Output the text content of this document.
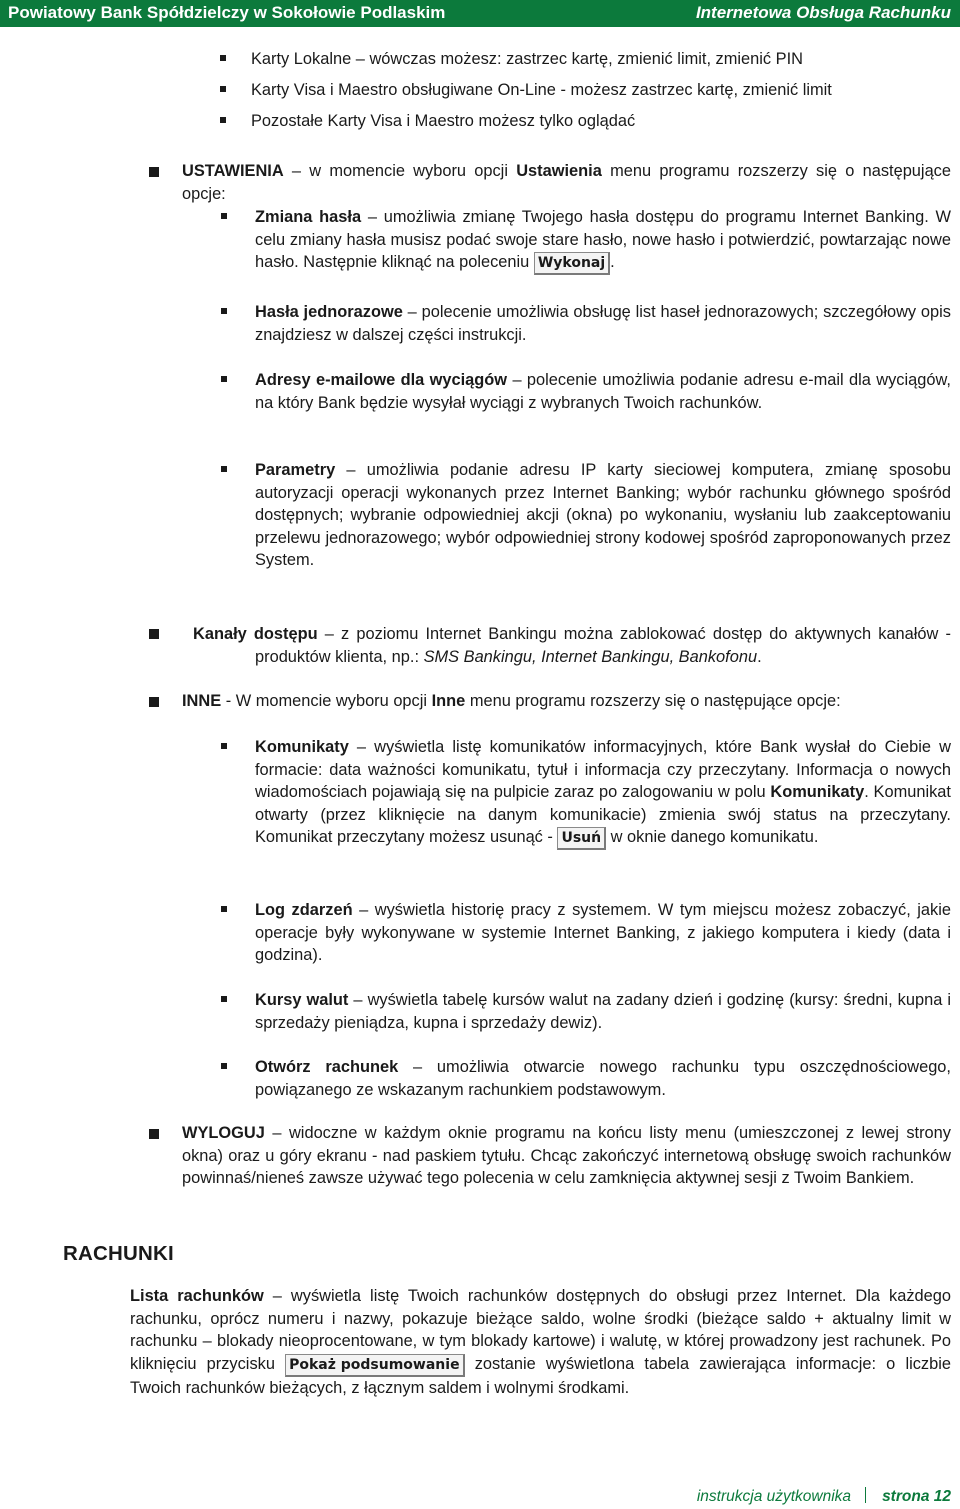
Powiatowy Bank Spółdzielczy w Sokołowie Podlaskim	Internetowa Obsługa Rachunku
Karty Lokalne – wówczas możesz: zastrzec kartę, zmienić limit, zmienić PIN
Karty Visa i Maestro obsługiwane On-Line - możesz zastrzec kartę, zmienić limit
Pozostałe Karty Visa i Maestro możesz tylko oglądać
USTAWIENIA – w momencie wyboru opcji Ustawienia menu programu rozszerzy się o następujące opcje:
Zmiana hasła – umożliwia zmianę Twojego hasła dostępu do programu Internet Banking. W celu zmiany hasła musisz podać swoje stare hasło, nowe hasło i potwierdzić, powtarzając nowe hasło. Następnie kliknąć na poleceniu Wykonaj .
Hasła jednorazowe – polecenie umożliwia obsługę list haseł jednorazowych; szczegółowy opis znajdziesz w dalszej części instrukcji.
Adresy e-mailowe dla wyciągów – polecenie umożliwia podanie adresu e-mail dla wyciągów, na który Bank będzie wysyłał wyciągi z wybranych Twoich rachunków.
Parametry – umożliwia podanie adresu IP karty sieciowej komputera, zmianę sposobu autoryzacji operacji wykonanych przez Internet Banking; wybór rachunku głównego spośród dostępnych; wybranie odpowiedniej akcji (okna) po wykonaniu, wysłaniu lub zaakceptowaniu przelewu jednorazowego; wybór odpowiedniej strony kodowej spośród zaproponowanych przez System.
Kanały dostępu – z poziomu Internet Bankingu można zablokować dostęp do aktywnych kanałów - produktów klienta, np.: SMS Bankingu, Internet Bankingu, Bankofonu.
INNE - W momencie wyboru opcji Inne menu programu rozszerzy się o następujące opcje:
Komunikaty – wyświetla listę komunikatów informacyjnych, które Bank wysłał do Ciebie w formacie: data ważności komunikatu, tytuł i informacja czy przeczytany. Informacja o nowych wiadomościach pojawiają się na pulpicie zaraz po zalogowaniu w polu Komunikaty. Komunikat otwarty (przez kliknięcie na danym komunikacie) zmienia swój status na przeczytany. Komunikat przeczytany możesz usunąć - Usuń w oknie danego komunikatu.
Log zdarzeń – wyświetla historię pracy z systemem. W tym miejscu możesz zobaczyć, jakie operacje były wykonywane w systemie Internet Banking, z jakiego komputera i kiedy (data i godzina).
Kursy walut – wyświetla tabelę kursów walut na zadany dzień i godzinę (kursy: średni, kupna i sprzedaży pieniądza, kupna i sprzedaży dewiz).
Otwórz rachunek – umożliwia otwarcie nowego rachunku typu oszczędnościowego, powiązanego ze wskazanym rachunkiem podstawowym.
WYLOGUJ – widoczne w każdym oknie programu na końcu listy menu (umieszczonej z lewej strony okna) oraz u góry ekranu - nad paskiem tytułu. Chcąc zakończyć internetową obsługę swoich rachunków powinnaś/nieneś zawsze używać tego polecenia w celu zamknięcia aktywnej sesji z Twoim Bankiem.
RACHUNKI
Lista rachunków – wyświetla listę Twoich rachunków dostępnych do obsługi przez Internet. Dla każdego rachunku, oprócz numeru i nazwy, pokazuje bieżące saldo, wolne środki (bieżące saldo + aktualny limit w rachunku – blokady nieoprocentowane, w tym blokady kartowe) i walutę, w której prowadzony jest rachunek. Po kliknięciu przycisku Pokaż podsumowanie zostanie wyświetlona tabela zawierająca informacje: o liczbie Twoich rachunków bieżących, z łącznym saldem i wolnymi środkami.
instrukcja użytkownika strona 12
